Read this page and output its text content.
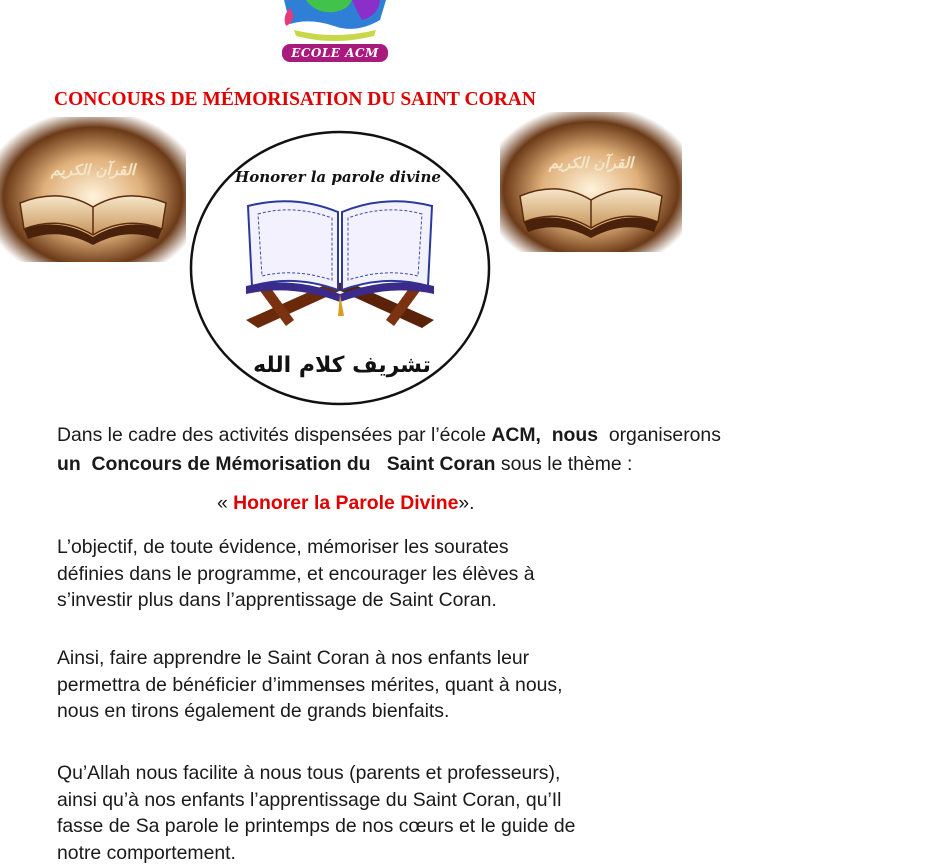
ECOLE ACM
CONCOURS DE MÉMORISATION DU SAINT CORAN
القرآن الكريم	القرآن الكريم
Honorer la parole divine
تشريف كلام الله

Dans le cadre des activités dispensées par l’école ACM, nous organiserons

un Concours de Mémorisation du Saint Coran sous le thème :

« Honorer la Parole Divine».

L’objectif, de toute évidence, mémoriser les sourates
définies dans le programme, et encourager les élèves à
s’investir plus dans l’apprentissage de Saint Coran.

Ainsi, faire apprendre le Saint Coran à nos enfants leur
permettra de bénéficier d’immenses mérites, quant à nous,
nous en tirons également de grands bienfaits.

Qu’Allah nous facilite à nous tous (parents et professeurs),
ainsi qu’à nos enfants l’apprentissage du Saint Coran, qu’Il
fasse de Sa parole le printemps de nos cœurs et le guide de
notre comportement.
